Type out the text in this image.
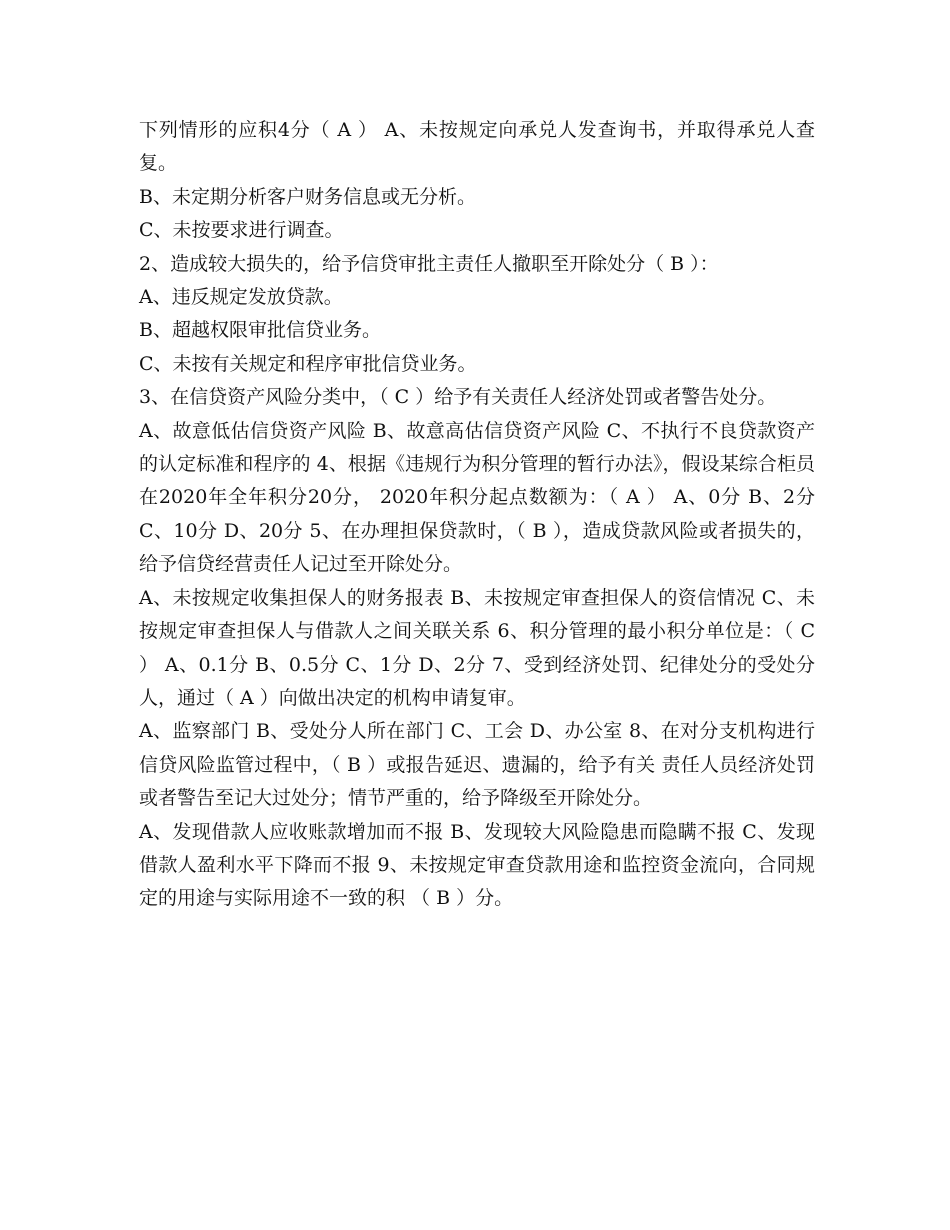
下列情形的应积4分（ A ） A、未按规定向承兑人发查询书，并取得承兑人查复。

B、未定期分析客户财务信息或无分析。

C、未按要求进行调查。

2、造成较大损失的，给予信贷审批主责任人撤职至开除处分（ B ）：

A、违反规定发放贷款。

B、超越权限审批信贷业务。

C、未按有关规定和程序审批信贷业务。

3、在信贷资产风险分类中，（ C ）给予有关责任人经济处罚或者警告处分。

A、故意低估信贷资产风险 B、故意高估信贷资产风险 C、不执行不良贷款资产的认定标准和程序的 4、根据《违规行为积分管理的暂行办法》，假设某综合柜员在2020年全年积分20分， 2020年积分起点数额为：（ A ） A、0分 B、2分 C、10分 D、20分 5、在办理担保贷款时，（ B ），造成贷款风险或者损失的，给予信贷经营责任人记过至开除处分。

A、未按规定收集担保人的财务报表 B、未按规定审查担保人的资信情况 C、未按规定审查担保人与借款人之间关联关系 6、积分管理的最小积分单位是：（ C ） A、0.1分 B、0.5分 C、1分 D、2分 7、受到经济处罚、纪律处分的受处分人，通过（ A ）向做出决定的机构申请复审。

A、监察部门 B、受处分人所在部门 C、工会 D、办公室 8、在对分支机构进行信贷风险监管过程中，（ B ）或报告延迟、遗漏的，给予有关 责任人员经济处罚或者警告至记大过处分；情节严重的，给予降级至开除处分。

A、发现借款人应收账款增加而不报 B、发现较大风险隐患而隐瞒不报 C、发现借款人盈利水平下降而不报 9、未按规定审查贷款用途和监控资金流向，合同规定的用途与实际用途不一致的积 （ B ）分。
